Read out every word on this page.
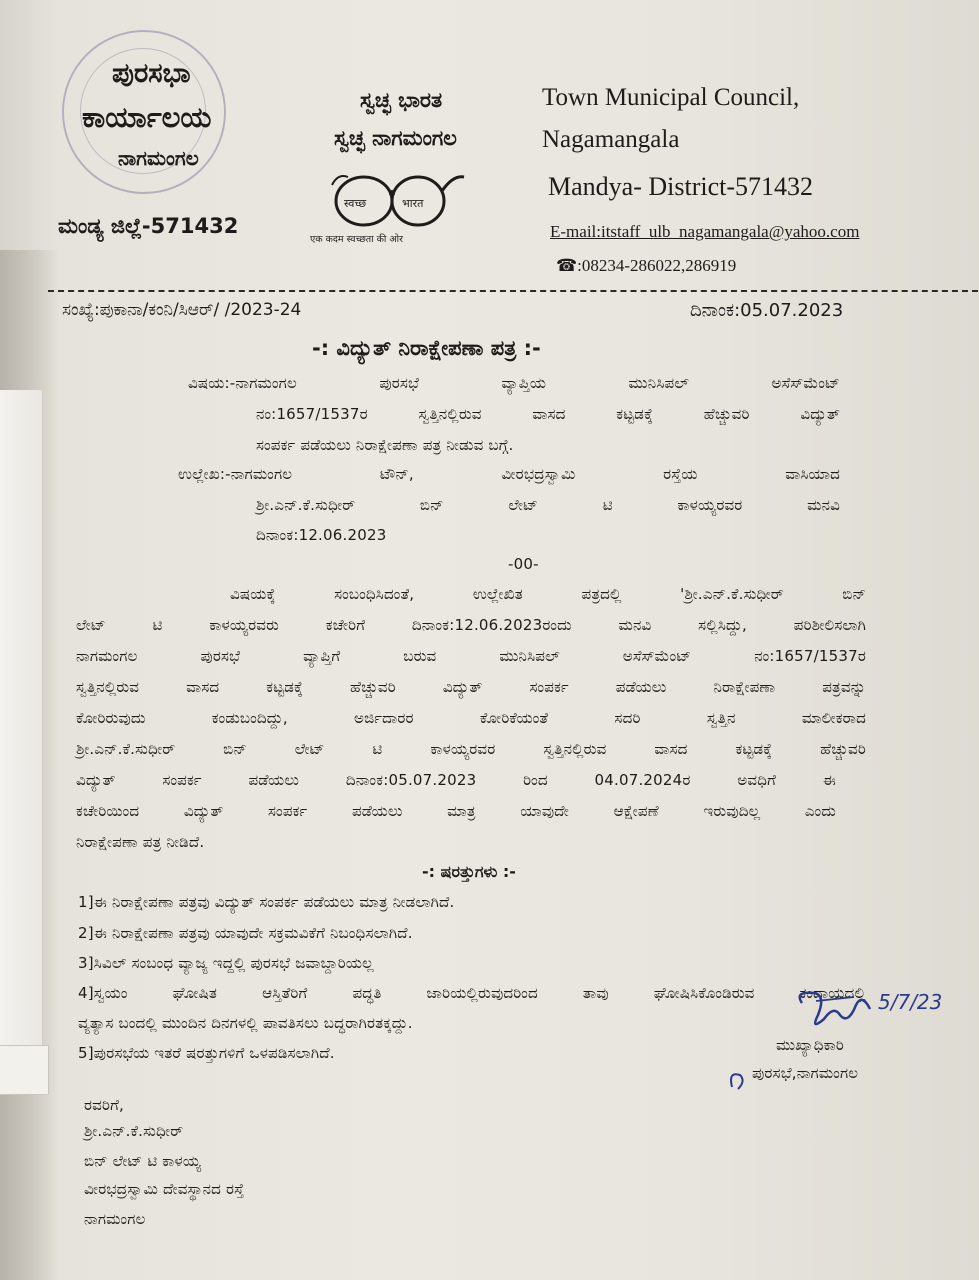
ಪುರಸಭಾ
ಕಾರ್ಯಾಲಯ
ನಾಗಮಂಗಲ
ಮಂಡ್ಯ ಜಿಲ್ಲೆ-571432
ಸ್ವಚ್ಛ ಭಾರತ
ಸ್ವಚ್ಛ ನಾಗಮಂಗಲ
स्वच्छ	भारत
एक कदम स्वच्छता की ओर
Town Municipal Council,
Nagamangala
Mandya- District-571432
E-mail:itstaff_ulb_nagamangala@yahoo.com
☎:08234-286022,286919
ಸಂಖ್ಯೆ:ಪುಕಾನಾ/ಕಂನಿ/ಸಿಆರ್/ /2023-24	ದಿನಾಂಕ:05.07.2023
-: ವಿದ್ಯುತ್ ನಿರಾಕ್ಷೇಪಣಾ ಪತ್ರ :-
ವಿಷಯ:-ನಾಗಮಂಗಲ ಪುರಸಭೆ ವ್ಯಾಪ್ತಿಯ ಮುನಿಸಿಪಲ್ ಅಸೆಸ್‌ಮೆಂಟ್
ನಂ:1657/1537ರ ಸ್ವತ್ತಿನಲ್ಲಿರುವ ವಾಸದ ಕಟ್ಟಡಕ್ಕೆ ಹೆಚ್ಚುವರಿ ವಿದ್ಯುತ್
ಸಂಪರ್ಕ ಪಡೆಯಲು ನಿರಾಕ್ಷೇಪಣಾ ಪತ್ರ ನೀಡುವ ಬಗ್ಗೆ.
ಉಲ್ಲೇಖ:-ನಾಗಮಂಗಲ ಟೌನ್, ವೀರಭದ್ರಸ್ವಾಮಿ ರಸ್ತೆಯ ವಾಸಿಯಾದ
ಶ್ರೀ.ಎನ್.ಕೆ.ಸುಧೀರ್ ಬಿನ್ ಲೇಟ್ ಟಿ ಕಾಳಯ್ಯರವರ ಮನವಿ
ದಿನಾಂಕ:12.06.2023
-00-
ವಿಷಯಕ್ಕೆ ಸಂಬಂಧಿಸಿದಂತೆ, ಉಲ್ಲೇಖಿತ ಪತ್ರದಲ್ಲಿ 'ಶ್ರೀ.ಎನ್.ಕೆ.ಸುಧೀರ್ ಬಿನ್
ಲೇಟ್ ಟಿ ಕಾಳಯ್ಯರವರು ಕಚೇರಿಗೆ ದಿನಾಂಕ:12.06.2023ರಂದು ಮನವಿ ಸಲ್ಲಿಸಿದ್ದು, ಪರಿಶೀಲಿಸಲಾಗಿ
ನಾಗಮಂಗಲ ಪುರಸಭೆ ವ್ಯಾಪ್ತಿಗೆ ಬರುವ ಮುನಿಸಿಪಲ್ ಅಸೆಸ್‌ಮೆಂಟ್ ನಂ:1657/1537ರ
ಸ್ವತ್ತಿನಲ್ಲಿರುವ ವಾಸದ ಕಟ್ಟಡಕ್ಕೆ ಹೆಚ್ಚುವರಿ ವಿದ್ಯುತ್ ಸಂಪರ್ಕ ಪಡೆಯಲು ನಿರಾಕ್ಷೇಪಣಾ ಪತ್ರವನ್ನು
ಕೋರಿರುವುದು ಕಂಡುಬಂದಿದ್ದು, ಅರ್ಜಿದಾರರ ಕೋರಿಕೆಯಂತೆ ಸದರಿ ಸ್ವತ್ತಿನ ಮಾಲೀಕರಾದ
ಶ್ರೀ.ಎನ್.ಕೆ.ಸುಧೀರ್ ಬಿನ್ ಲೇಟ್ ಟಿ ಕಾಳಯ್ಯರವರ ಸ್ವತ್ತಿನಲ್ಲಿರುವ ವಾಸದ ಕಟ್ಟಡಕ್ಕೆ ಹೆಚ್ಚುವರಿ
ವಿದ್ಯುತ್ ಸಂಪರ್ಕ ಪಡೆಯಲು ದಿನಾಂಕ:05.07.2023 ರಿಂದ 04.07.2024ರ ಅವಧಿಗೆ ಈ
ಕಚೇರಿಯಿಂದ ವಿದ್ಯುತ್ ಸಂಪರ್ಕ ಪಡೆಯಲು ಮಾತ್ರ ಯಾವುದೇ ಆಕ್ಷೇಪಣೆ ಇರುವುದಿಲ್ಲ ಎಂದು
ನಿರಾಕ್ಷೇಪಣಾ ಪತ್ರ ನೀಡಿದೆ.
-: ಷರತ್ತುಗಳು :-
1]ಈ ನಿರಾಕ್ಷೇಪಣಾ ಪತ್ರವು ವಿದ್ಯುತ್ ಸಂಪರ್ಕ ಪಡೆಯಲು ಮಾತ್ರ ನೀಡಲಾಗಿದೆ.
2]ಈ ನಿರಾಕ್ಷೇಪಣಾ ಪತ್ರವು ಯಾವುದೇ ಸಕ್ರಮವಿಕೆಗೆ ನಿಬಂಧಿಸಲಾಗಿದೆ.
3]ಸಿವಿಲ್ ಸಂಬಂಧ ವ್ಯಾಜ್ಯ ಇದ್ದಲ್ಲಿ ಪುರಸಭೆ ಜವಾಬ್ದಾರಿಯಲ್ಲ
4]ಸ್ವಯಂ ಘೋಷಿತ ಆಸ್ತಿತೆರಿಗೆ ಪದ್ಧತಿ ಜಾರಿಯಲ್ಲಿರುವುದರಿಂದ ತಾವು ಘೋಷಿಸಿಕೊಂಡಿರುವ ಕಂದಾಯದಲ್ಲಿ
ವ್ಯತ್ಯಾಸ ಬಂದಲ್ಲಿ ಮುಂದಿನ ದಿನಗಳಲ್ಲಿ ಪಾವತಿಸಲು ಬದ್ಧರಾಗಿರತಕ್ಕದ್ದು.
5]ಪುರಸಭೆಯ ಇತರೆ ಷರತ್ತುಗಳಿಗೆ ಒಳಪಡಿಸಲಾಗಿದೆ.
5/7/23
ಮುಖ್ಯಾಧಿಕಾರಿ
ಪುರಸಭೆ,ನಾಗಮಂಗಲ
ರವರಿಗೆ,
ಶ್ರೀ.ಎನ್.ಕೆ.ಸುಧೀರ್
ಬಿನ್ ಲೇಟ್ ಟಿ ಕಾಳಯ್ಯ
ವೀರಭದ್ರಸ್ವಾಮಿ ದೇವಸ್ಥಾನದ ರಸ್ತೆ
ನಾಗಮಂಗಲ
